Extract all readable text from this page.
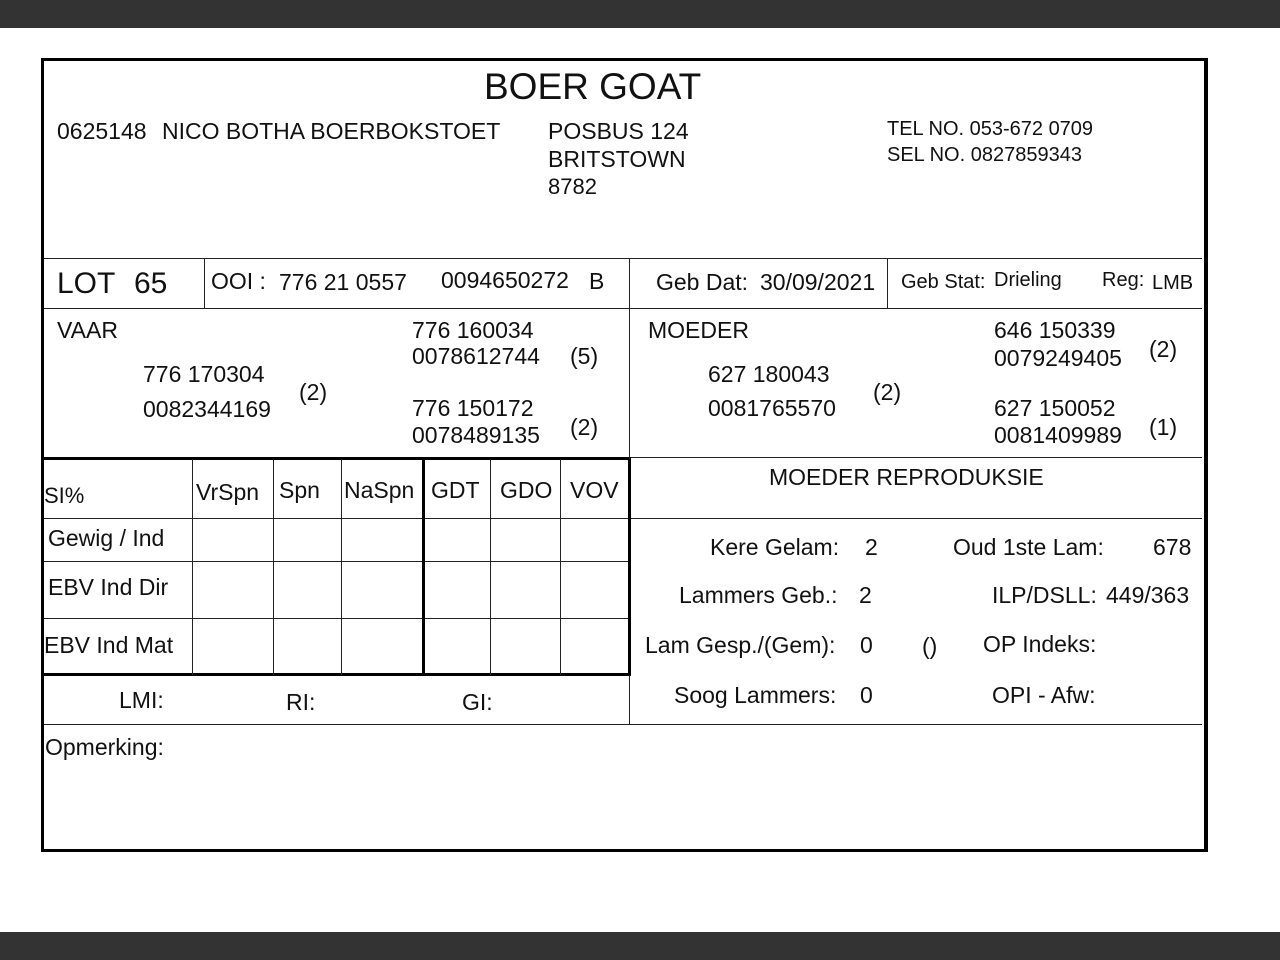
BOER GOAT
0625148 NICO BOTHA BOERBOKSTOET POSBUS 124
BRITSTOWN
8782
TEL NO. 053-672 0709
SEL NO. 0827859343
LOT 65 OOI : 776 21 0557 0094650272 B Geb Dat: 30/09/2021 Geb Stat: Drieling Reg: LMB
VAAR
776 170304
0082344169
(2)
776 160034
0078612744 (5)
776 150172
0078489135 (2)
MOEDER
627 180043
0081765570
(2)
646 150339
0079249405 (2)
627 150052
0081409989 (1)
SI%	VrSpn Spn NaSpn GDT GDO VOV
Gewig / Ind
EBV Ind Dir
EBV Ind Mat
LMI:	RI:	GI:
MOEDER REPRODUKSIE
Kere Gelam: 2	Oud 1ste Lam: 678
Lammers Geb.: 2	ILP/DSLL: 449/363
Lam Gesp./(Gem): 0 () OP Indeks:
Soog Lammers: 0	OPI - Afw:
Opmerking:
